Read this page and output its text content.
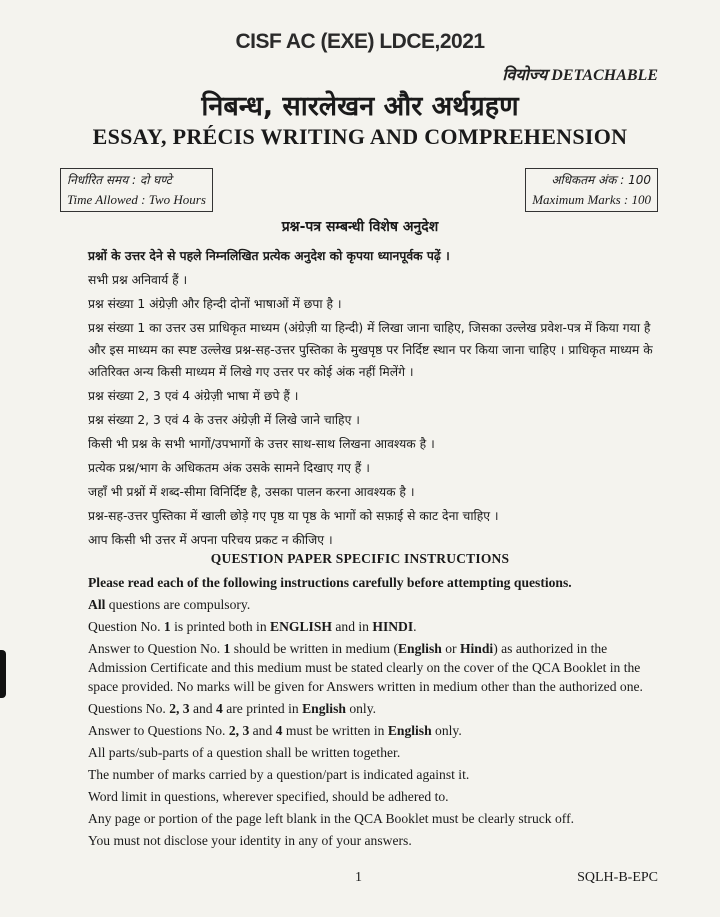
CISF AC (EXE) LDCE,2021
वियोज्य DETACHABLE
निबन्ध, सारलेखन और अर्थग्रहण
ESSAY, PRÉCIS WRITING AND COMPREHENSION
निर्धारित समय : दो घण्टे
Time Allowed : Two Hours
अधिकतम अंक : 100
Maximum Marks : 100
प्रश्न-पत्र सम्बन्धी विशेष अनुदेश

प्रश्नों के उत्तर देने से पहले निम्नलिखित प्रत्येक अनुदेश को कृपया ध्यानपूर्वक पढ़ें ।

सभी प्रश्न अनिवार्य हैं ।

प्रश्न संख्या 1 अंग्रेज़ी और हिन्दी दोनों भाषाओं में छपा है ।

प्रश्न संख्या 1 का उत्तर उस प्राधिकृत माध्यम (अंग्रेज़ी या हिन्दी) में लिखा जाना चाहिए, जिसका उल्लेख प्रवेश-पत्र में किया गया है और इस माध्यम का स्पष्ट उल्लेख प्रश्न-सह-उत्तर पुस्तिका के मुखपृष्ठ पर निर्दिष्ट स्थान पर किया जाना चाहिए । प्राधिकृत माध्यम के अतिरिक्त अन्य किसी माध्यम में लिखे गए उत्तर पर कोई अंक नहीं मिलेंगे ।

प्रश्न संख्या 2, 3 एवं 4 अंग्रेज़ी भाषा में छपे हैं ।

प्रश्न संख्या 2, 3 एवं 4 के उत्तर अंग्रेज़ी में लिखे जाने चाहिए ।

किसी भी प्रश्न के सभी भागों/उपभागों के उत्तर साथ-साथ लिखना आवश्यक है ।

प्रत्येक प्रश्न/भाग के अधिकतम अंक उसके सामने दिखाए गए हैं ।

जहाँ भी प्रश्नों में शब्द-सीमा विनिर्दिष्ट है, उसका पालन करना आवश्यक है ।

प्रश्न-सह-उत्तर पुस्तिका में खाली छोड़े गए पृष्ठ या पृष्ठ के भागों को सफ़ाई से काट देना चाहिए ।

आप किसी भी उत्तर में अपना परिचय प्रकट न कीजिए ।

QUESTION PAPER SPECIFIC INSTRUCTIONS

Please read each of the following instructions carefully before attempting questions.

All questions are compulsory.

Question No. 1 is printed both in ENGLISH and in HINDI.

Answer to Question No. 1 should be written in medium (English or Hindi) as authorized in the Admission Certificate and this medium must be stated clearly on the cover of the QCA Booklet in the space provided. No marks will be given for Answers written in medium other than the authorized one.

Questions No. 2, 3 and 4 are printed in English only.

Answer to Questions No. 2, 3 and 4 must be written in English only.

All parts/sub-parts of a question shall be written together.

The number of marks carried by a question/part is indicated against it.

Word limit in questions, wherever specified, should be adhered to.

Any page or portion of the page left blank in the QCA Booklet must be clearly struck off.

You must not disclose your identity in any of your answers.

1	SQLH-B-EPC
